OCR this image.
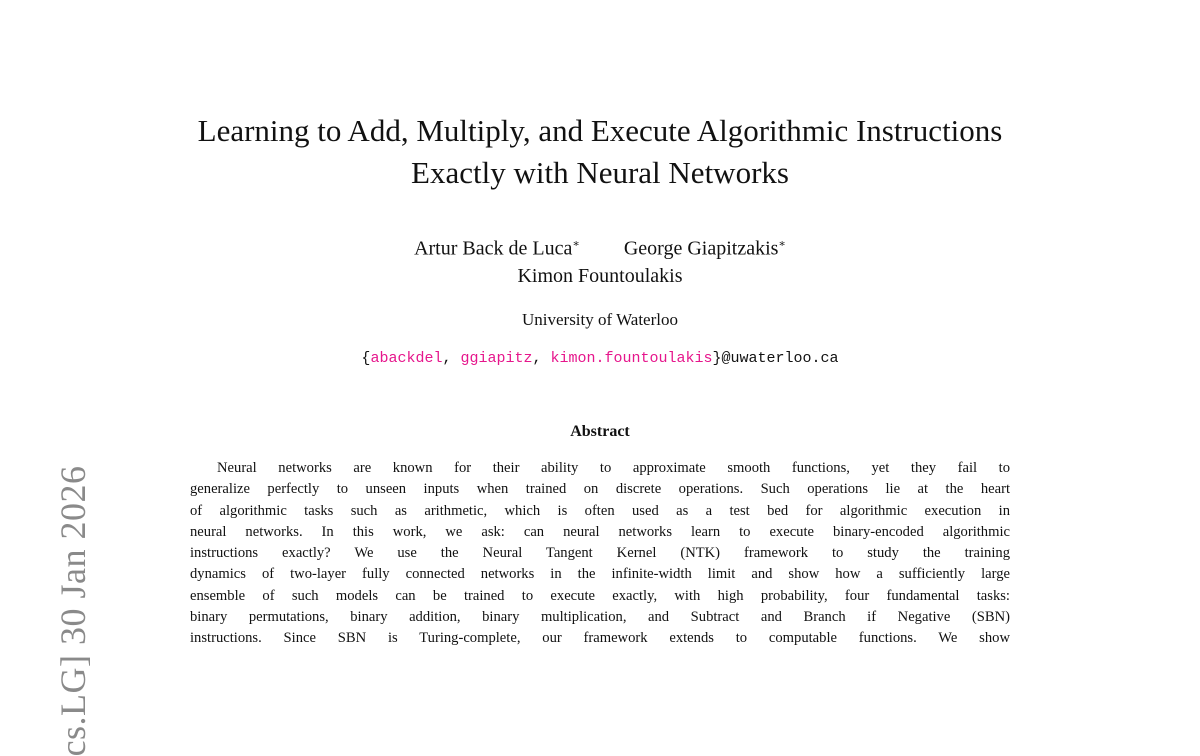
cs.LG] 30 Jan 2026
Learning to Add, Multiply, and Execute Algorithmic Instructions
Exactly with Neural Networks
Artur Back de Luca∗ George Giapitzakis∗
Kimon Fountoulakis
University of Waterloo
{abackdel, ggiapitz, kimon.fountoulakis}@uwaterloo.ca
Abstract
Neural networks are known for their ability to approximate smooth functions, yet they fail to
generalize perfectly to unseen inputs when trained on discrete operations. Such operations lie at the heart
of algorithmic tasks such as arithmetic, which is often used as a test bed for algorithmic execution in
neural networks. In this work, we ask: can neural networks learn to execute binary-encoded algorithmic
instructions exactly? We use the Neural Tangent Kernel (NTK) framework to study the training
dynamics of two-layer fully connected networks in the infinite-width limit and show how a sufficiently large
ensemble of such models can be trained to execute exactly, with high probability, four fundamental tasks:
binary permutations, binary addition, binary multiplication, and Subtract and Branch if Negative (SBN)
instructions. Since SBN is Turing-complete, our framework extends to computable functions. We show
